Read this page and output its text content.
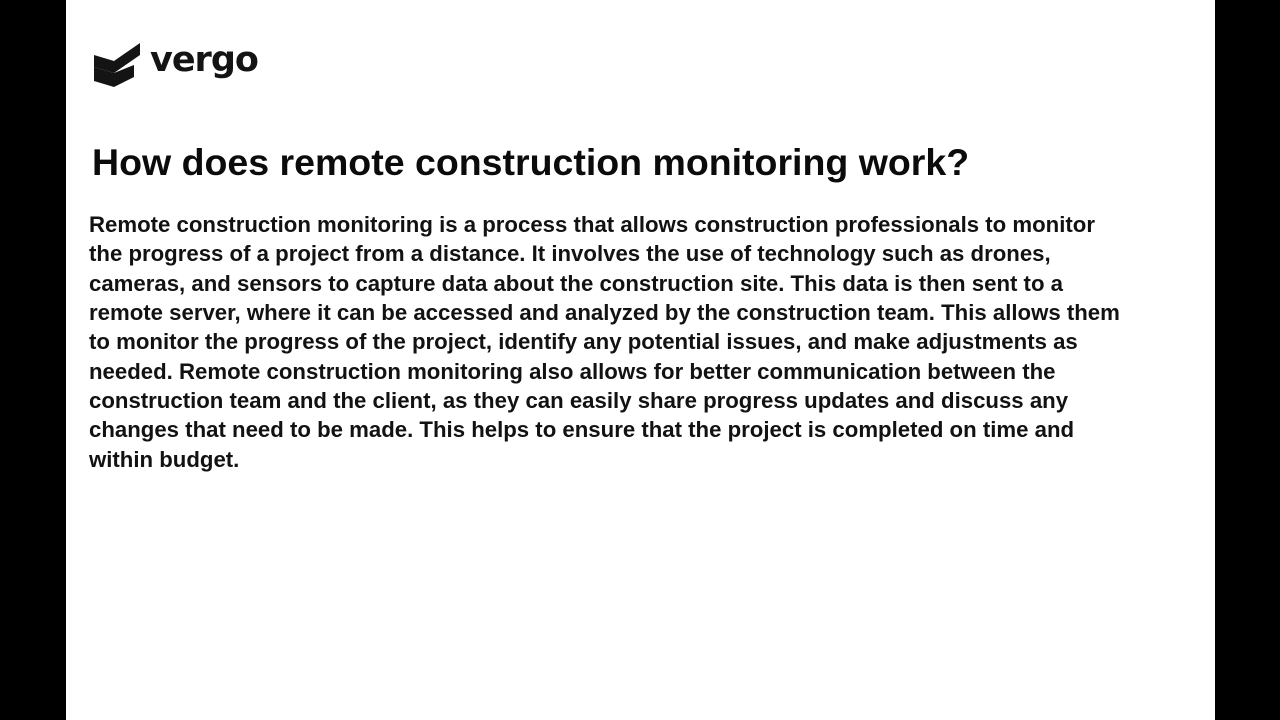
vergo
How does remote construction monitoring work?

Remote construction monitoring is a process that allows construction professionals to monitor the progress of a project from a distance. It involves the use of technology such as drones, cameras, and sensors to capture data about the construction site. This data is then sent to a remote server, where it can be accessed and analyzed by the construction team. This allows them to monitor the progress of the project, identify any potential issues, and make adjustments as needed. Remote construction monitoring also allows for better communication between the construction team and the client, as they can easily share progress updates and discuss any changes that need to be made. This helps to ensure that the project is completed on time and within budget.
